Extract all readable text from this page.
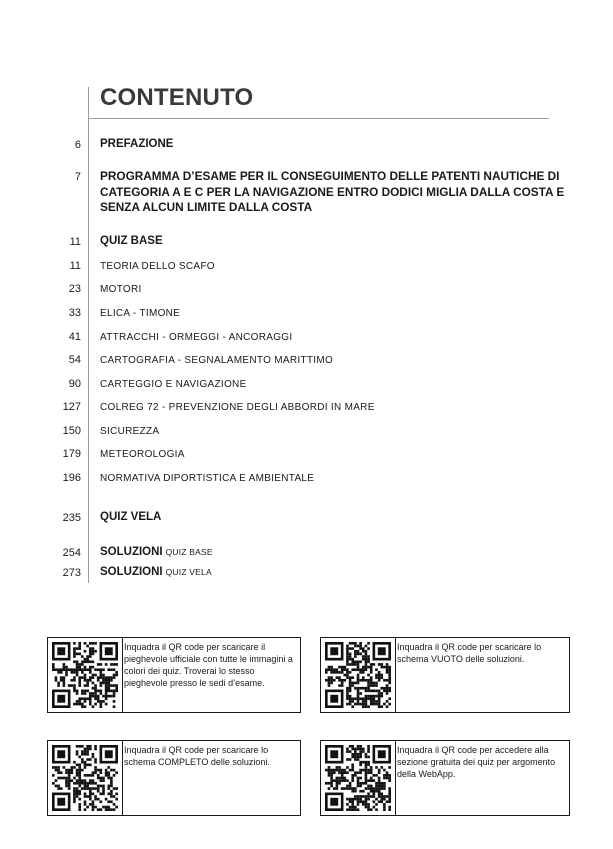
CONTENUTO
6 PREFAZIONE
7 PROGRAMMA D’ESAME PER IL CONSEGUIMENTO DELLE PATENTI NAUTICHE DI CATEGORIA A E C PER LA NAVIGAZIONE ENTRO DODICI MIGLIA DALLA COSTA E SENZA ALCUN LIMITE DALLA COSTA
11 QUIZ BASE
11 TEORIA DELLO SCAFO
23 MOTORI
33 ELICA - TIMONE
41 ATTRACCHI - ORMEGGI - ANCORAGGI
54 CARTOGRAFIA - SEGNALAMENTO MARITTIMO
90 CARTEGGIO E NAVIGAZIONE
127 COLREG 72 - PREVENZIONE DEGLI ABBORDI IN MARE
150 SICUREZZA
179 METEOROLOGIA
196 NORMATIVA DIPORTISTICA E AMBIENTALE
235 QUIZ VELA
254 SOLUZIONI QUIZ BASE
273 SOLUZIONI QUIZ VELA
Inquadra il QR code per scaricare il pieghevole ufficiale con tutte le immagini a colori dei quiz. Troverai lo stesso pieghevole presso le sedi d’esame.
Inquadra il QR code per scaricare lo schema VUOTO delle soluzioni.
Inquadra il QR code per scaricare lo schema COMPLETO delle soluzioni.
Inquadra il QR code per accedere alla sezione gratuita dei quiz per argomento della WebApp.
